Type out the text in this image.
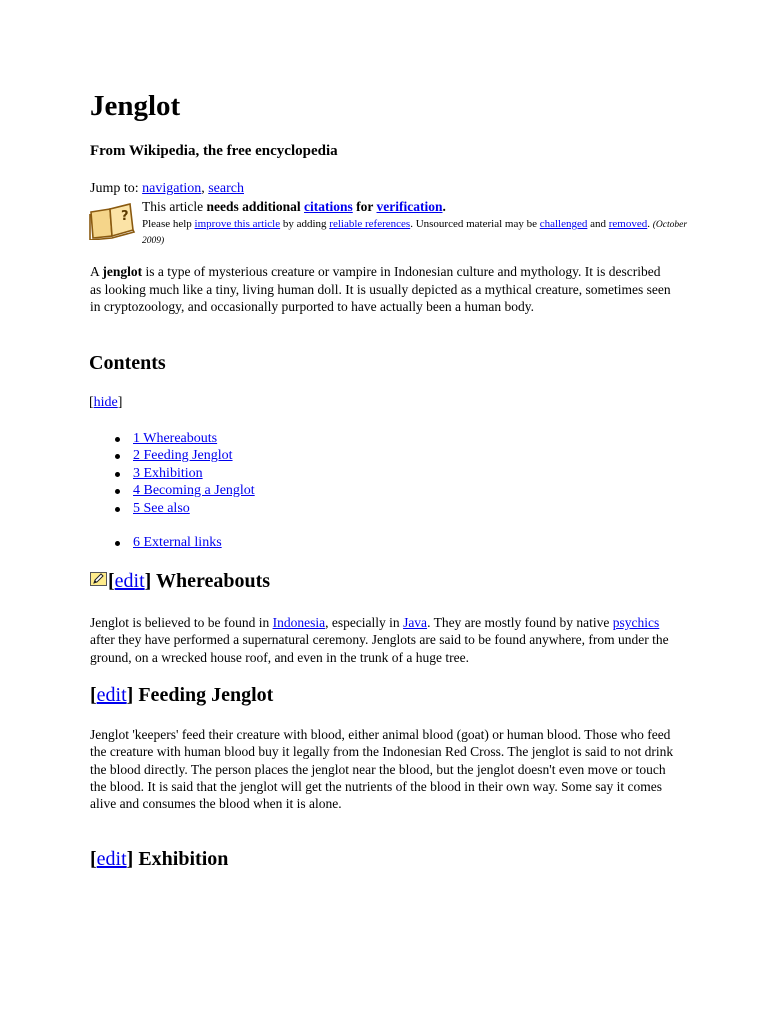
Jenglot
From Wikipedia, the free encyclopedia
Jump to: navigation, search
?
This article needs additional citations for verification.
Please help improve this article by adding reliable references. Unsourced material may be challenged and removed. (October 2009)

A jenglot is a type of mysterious creature or vampire in Indonesian culture and mythology. It is described as looking much like a tiny, living human doll. It is usually depicted as a mythical creature, sometimes seen in cryptozoology, and occasionally purported to have actually been a human body.

Contents
[hide]
1 Whereabouts
2 Feeding Jenglot
3 Exhibition
4 Becoming a Jenglot
5 See also
6 External links
[edit] Whereabouts

Jenglot is believed to be found in Indonesia, especially in Java. They are mostly found by native psychics after they have performed a supernatural ceremony. Jenglots are said to be found anywhere, from under the ground, on a wrecked house roof, and even in the trunk of a huge tree.

[edit] Feeding Jenglot

Jenglot 'keepers' feed their creature with blood, either animal blood (goat) or human blood. Those who feed the creature with human blood buy it legally from the Indonesian Red Cross. The jenglot is said to not drink the blood directly. The person places the jenglot near the blood, but the jenglot doesn't even move or touch the blood. It is said that the jenglot will get the nutrients of the blood in their own way. Some say it comes alive and consumes the blood when it is alone.

[edit] Exhibition
